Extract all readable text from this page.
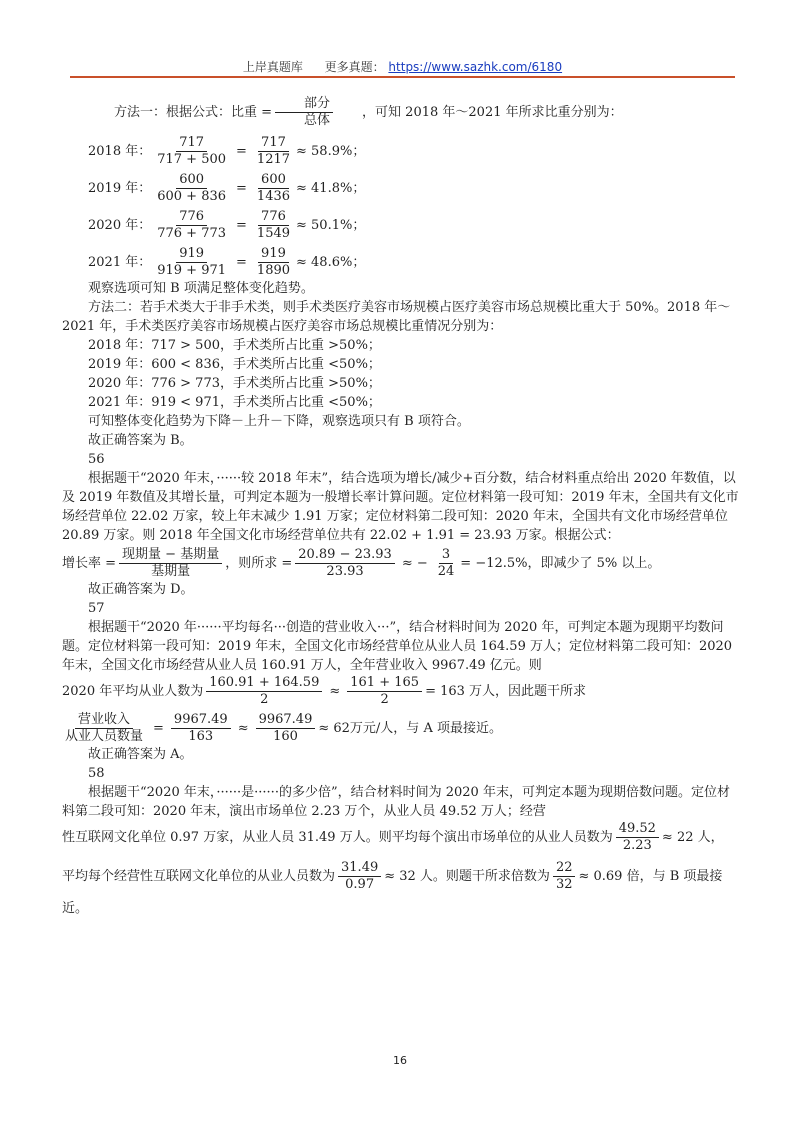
上岸真题库 更多真题： https://www.sazhk.com/6180
方法一：根据公式：比重 = $\frac{\text{部分}}{\text{总体}}$	，可知 2018 年～2021 年所求比重分别为：
2018 年： $\frac{717}{717 + 500} = \frac{717}{1217} \approx 58.9\%$；
2019 年： $\frac{600}{600 + 836} = \frac{600}{1436} \approx 41.8\%$；
2020 年： $\frac{776}{776 + 773} = \frac{776}{1549} \approx 50.1\%$；
2021 年： $\frac{919}{919 + 971} = \frac{919}{1890} \approx 48.6\%$；

观察选项可知 B 项满足整体变化趋势。

方法二：若手术类大于非手术类，则手术类医疗美容市场规模占医疗美容市场总规模比重大于 50%。2018 年～2021 年，手术类医疗美容市场规模占医疗美容市场总规模比重情况分别为：

2018 年：717 > 500，手术类所占比重 >50%；

2019 年：600 < 836，手术类所占比重 <50%；

2020 年：776 > 773，手术类所占比重 >50%；

2021 年：919 < 971，手术类所占比重 <50%；

可知整体变化趋势为下降－上升－下降，观察选项只有 B 项符合。

故正确答案为 B。

56

根据题干“2020 年末，······较 2018 年末”，结合选项为增长/减少+百分数，结合材料重点给出 2020 年数值，以及 2019 年数值及其增长量，可判定本题为一般增长率计算问题。定位材料第一段可知：2019 年末，全国共有文化市场经营单位 22.02 万家，较上年末减少 1.91 万家；定位材料第二段可知：2020 年末，全国共有文化市场经营单位 20.89 万家。则 2018 年全国文化市场经营单位共有 22.02 + 1.91 = 23.93 万家。根据公式：

增长率 = $\frac{\text{现期量 − 基期量}}{\text{基期量}}$ ，则所求 = $\frac{20.89 - 23.93}{23.93}$ ≈ − $\frac{3}{24} = -12.5\%$，即减少了 5% 以上。

故正确答案为 D。

57

根据题干“2020 年······平均每名···创造的营业收入···”，结合材料时间为 2020 年，可判定本题为现期平均数问题。定位材料第一段可知：2019 年末，全国文化市场经营单位从业人员 164.59 万人；定位材料第二段可知：2020 年末，全国文化市场经营从业人员 160.91 万人，全年营业收入 9967.49 亿元。则

2020 年平均从业人数为 $\frac{160.91 + 164.59}{2} \approx \frac{161 + 165}{2} = 163$ 万人，因此题干所求
$\frac{\text{营业收入}}{\text{从业人员数量}} = \frac{9967.49}{163} \approx \frac{9967.49}{160} \approx 62$万元/人，与 A 项最接近。

故正确答案为 A。

58

根据题干“2020 年末，······是······的多少倍”，结合材料时间为 2020 年末，可判定本题为现期倍数问题。定位材料第二段可知：2020 年末，演出市场单位 2.23 万个，从业人员 49.52 万人；经营

性互联网文化单位 0.97 万家，从业人员 31.49 万人。则平均每个演出市场单位的从业人员数为 $\frac{49.52}{2.23} \approx 22$ 人，
平均每个经营性互联网文化单位的从业人员数为 $\frac{31.49}{0.97} \approx 32$ 人。则题干所求倍数为 $\frac{22}{32} \approx 0.69$ 倍，与 B 项最接

近。

16
